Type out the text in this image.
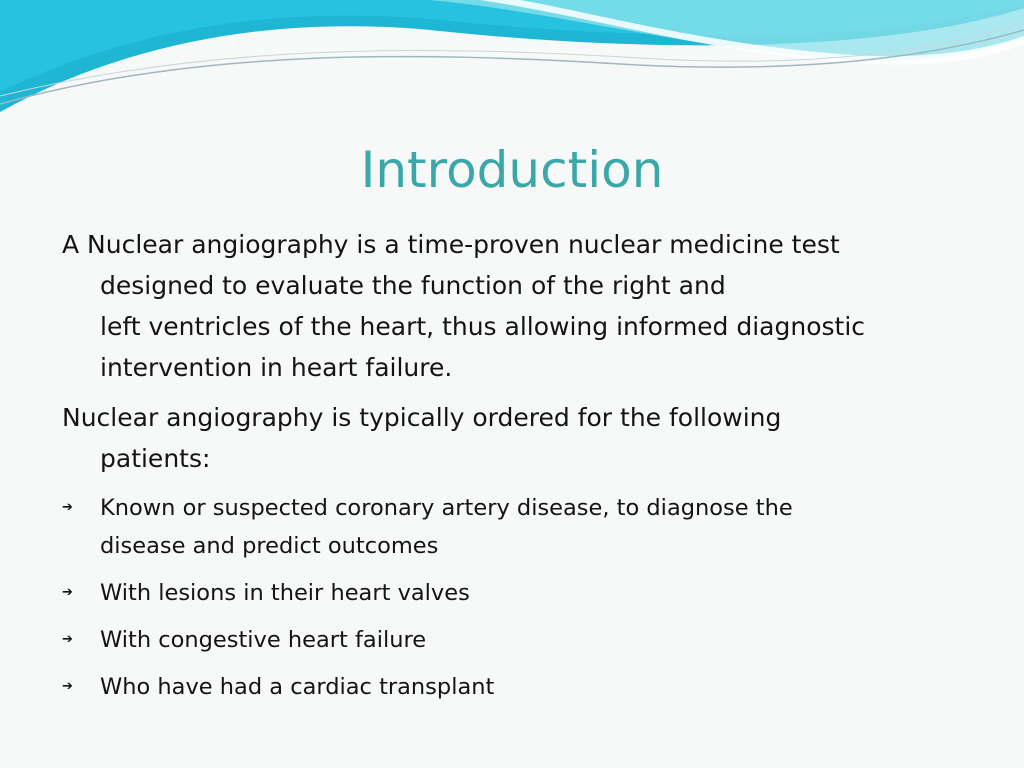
Introduction
A Nuclear angiography is a time-proven nuclear medicine test
designed to evaluate the function of the right and
left ventricles of the heart, thus allowing informed diagnostic
intervention in heart failure.
Nuclear angiography is typically ordered for the following
patients:
➔ Known or suspected coronary artery disease, to diagnose the
disease and predict outcomes
➔ With lesions in their heart valves
➔ With congestive heart failure
➔ Who have had a cardiac transplant
